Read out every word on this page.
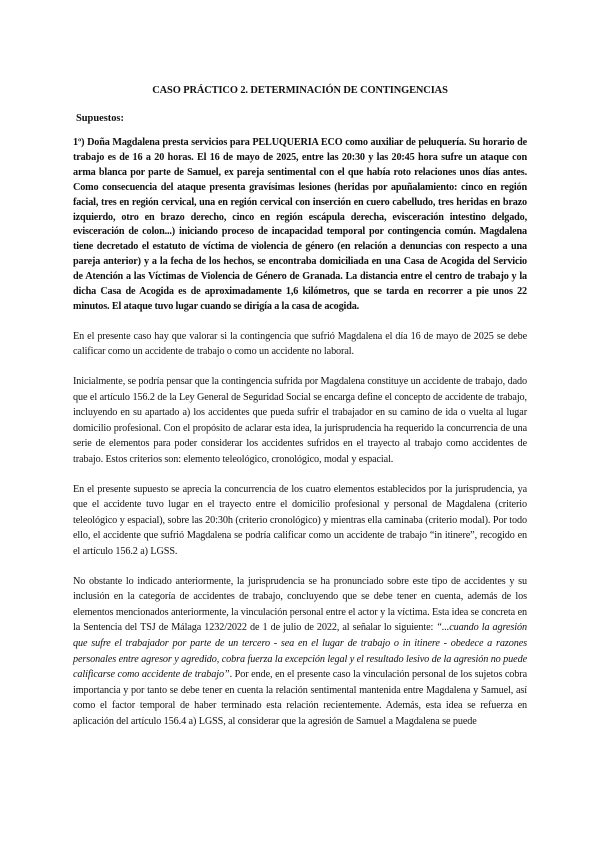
CASO PRÁCTICO 2. DETERMINACIÓN DE CONTINGENCIAS
Supuestos:

1º) Doña Magdalena presta servicios para PELUQUERIA ECO como auxiliar de peluquería. Su horario de trabajo es de 16 a 20 horas. El 16 de mayo de 2025, entre las 20:30 y las 20:45 hora sufre un ataque con arma blanca por parte de Samuel, ex pareja sentimental con el que había roto relaciones unos días antes. Como consecuencia del ataque presenta gravísimas lesiones (heridas por apuñalamiento: cinco en región facial, tres en región cervical, una en región cervical con inserción en cuero cabelludo, tres heridas en brazo izquierdo, otro en brazo derecho, cinco en región escápula derecha, evisceración intestino delgado, evisceración de colon...) iniciando proceso de incapacidad temporal por contingencia común. Magdalena tiene decretado el estatuto de víctima de violencia de género (en relación a denuncias con respecto a una pareja anterior) y a la fecha de los hechos, se encontraba domiciliada en una Casa de Acogida del Servicio de Atención a las Víctimas de Violencia de Género de Granada. La distancia entre el centro de trabajo y la dicha Casa de Acogida es de aproximadamente 1,6 kilómetros, que se tarda en recorrer a pie unos 22 minutos. El ataque tuvo lugar cuando se dirigía a la casa de acogida.

En el presente caso hay que valorar si la contingencia que sufrió Magdalena el día 16 de mayo de 2025 se debe calificar como un accidente de trabajo o como un accidente no laboral.

Inicialmente, se podría pensar que la contingencia sufrida por Magdalena constituye un accidente de trabajo, dado que el artículo 156.2 de la Ley General de Seguridad Social se encarga define el concepto de accidente de trabajo, incluyendo en su apartado a) los accidentes que pueda sufrir el trabajador en su camino de ida o vuelta al lugar domicilio profesional. Con el propósito de aclarar esta idea, la jurisprudencia ha requerido la concurrencia de una serie de elementos para poder considerar los accidentes sufridos en el trayecto al trabajo como accidentes de trabajo. Estos criterios son: elemento teleológico, cronológico, modal y espacial.

En el presente supuesto se aprecia la concurrencia de los cuatro elementos establecidos por la jurisprudencia, ya que el accidente tuvo lugar en el trayecto entre el domicilio profesional y personal de Magdalena (criterio teleológico y espacial), sobre las 20:30h (criterio cronológico) y mientras ella caminaba (criterio modal). Por todo ello, el accidente que sufrió Magdalena se podría calificar como un accidente de trabajo “in itinere”, recogido en el artículo 156.2 a) LGSS.

No obstante lo indicado anteriormente, la jurisprudencia se ha pronunciado sobre este tipo de accidentes y su inclusión en la categoría de accidentes de trabajo, concluyendo que se debe tener en cuenta, además de los elementos mencionados anteriormente, la vinculación personal entre el actor y la víctima. Esta idea se concreta en la Sentencia del TSJ de Málaga 1232/2022 de 1 de julio de 2022, al señalar lo siguiente: “...cuando la agresión que sufre el trabajador por parte de un tercero - sea en el lugar de trabajo o in itinere - obedece a razones personales entre agresor y agredido, cobra fuerza la excepción legal y el resultado lesivo de la agresión no puede calificarse como accidente de trabajo”. Por ende, en el presente caso la vinculación personal de los sujetos cobra importancia y por tanto se debe tener en cuenta la relación sentimental mantenida entre Magdalena y Samuel, así como el factor temporal de haber terminado esta relación recientemente. Además, esta idea se refuerza en aplicación del artículo 156.4 a) LGSS, al considerar que la agresión de Samuel a Magdalena se puede
